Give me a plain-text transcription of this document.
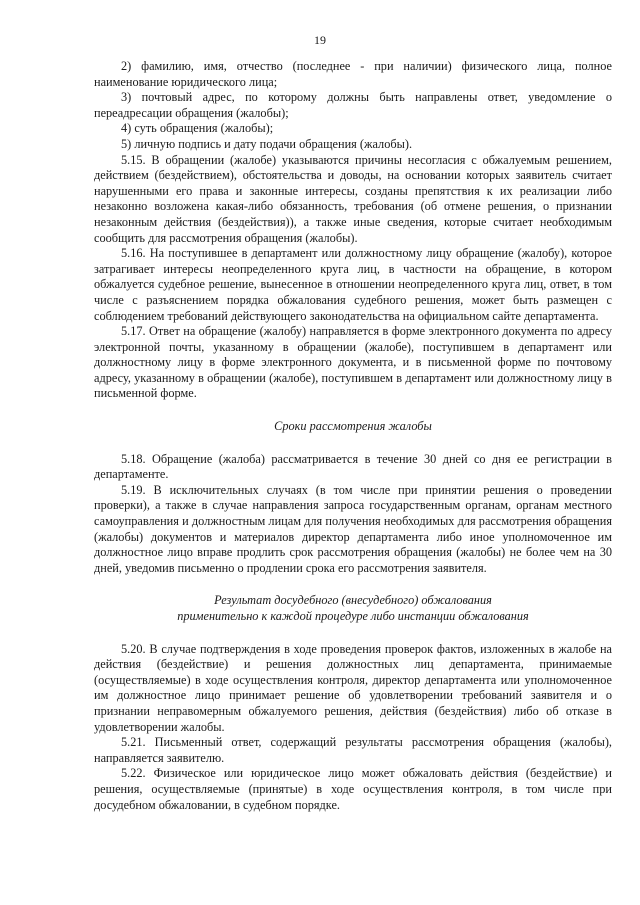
19

2) фамилию, имя, отчество (последнее - при наличии) физического лица, полное наименование юридического лица;

3) почтовый адрес, по которому должны быть направлены ответ, уведомление о переадресации обращения (жалобы);

4) суть обращения (жалобы);

5) личную подпись и дату подачи обращения (жалобы).

5.15. В обращении (жалобе) указываются причины несогласия с обжалуемым решением, действием (бездействием), обстоятельства и доводы, на основании которых заявитель считает нарушенными его права и законные интересы, созданы препятствия к их реализации либо незаконно возложена какая-либо обязанность, требования (об отмене решения, о признании незаконным действия (бездействия)), а также иные сведения, которые считает необходимым сообщить для рассмотрения обращения (жалобы).

5.16. На поступившее в департамент или должностному лицу обращение (жалобу), которое затрагивает интересы неопределенного круга лиц, в частности на обращение, в котором обжалуется судебное решение, вынесенное в отношении неопределенного круга лиц, ответ, в том числе с разъяснением порядка обжалования судебного решения, может быть размещен с соблюдением требований действующего законодательства на официальном сайте департамента.

5.17. Ответ на обращение (жалобу) направляется в форме электронного документа по адресу электронной почты, указанному в обращении (жалобе), поступившем в департамент или должностному лицу в форме электронного документа, и в письменной форме по почтовому адресу, указанному в обращении (жалобе), поступившем в департамент или должностному лицу в письменной форме.

Сроки рассмотрения жалобы

5.18. Обращение (жалоба) рассматривается в течение 30 дней со дня ее регистрации в департаменте.

5.19. В исключительных случаях (в том числе при принятии решения о проведении проверки), а также в случае направления запроса государственным органам, органам местного самоуправления и должностным лицам для получения необходимых для рассмотрения обращения (жалобы) документов и материалов директор департамента либо иное уполномоченное им должностное лицо вправе продлить срок рассмотрения обращения (жалобы) не более чем на 30 дней, уведомив письменно о продлении срока его рассмотрения заявителя.

Результат досудебного (внесудебного) обжалования

применительно к каждой процедуре либо инстанции обжалования

5.20. В случае подтверждения в ходе проведения проверок фактов, изложенных в жалобе на действия (бездействие) и решения должностных лиц департамента, принимаемые (осуществляемые) в ходе осуществления контроля, директор департамента или уполномоченное им должностное лицо принимает решение об удовлетворении требований заявителя и о признании неправомерным обжалуемого решения, действия (бездействия) либо об отказе в удовлетворении жалобы.

5.21. Письменный ответ, содержащий результаты рассмотрения обращения (жалобы), направляется заявителю.

5.22. Физическое или юридическое лицо может обжаловать действия (бездействие) и решения, осуществляемые (принятые) в ходе осуществления контроля, в том числе при досудебном обжаловании, в судебном порядке.
